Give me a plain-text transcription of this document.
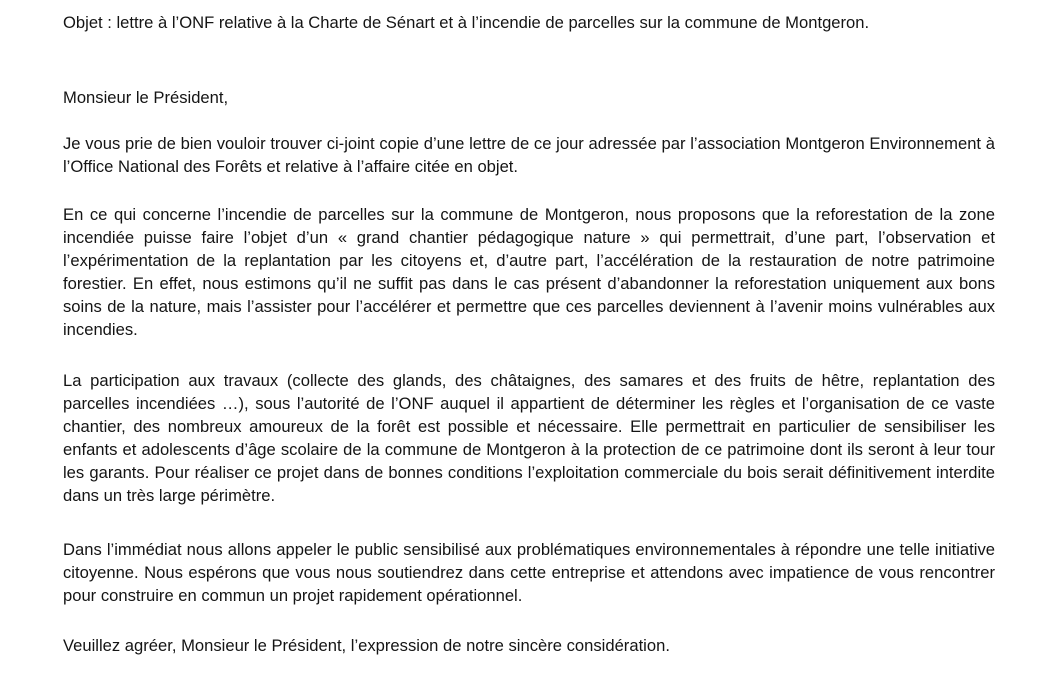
Objet : lettre à l’ONF relative à la Charte de Sénart et à l’incendie de parcelles sur la commune de Montgeron.

Monsieur le Président,

Je vous prie de bien vouloir trouver ci-joint copie d’une lettre de ce jour adressée par l’association Montgeron Environnement à l’Office National des Forêts et relative à l’affaire citée en objet.

En ce qui concerne l’incendie de parcelles sur la commune de Montgeron, nous proposons que la reforestation de la zone incendiée puisse faire l’objet d’un « grand chantier pédagogique nature » qui permettrait, d’une part, l’observation et l’expérimentation de la replantation par les citoyens et, d’autre part, l’accélération de la restauration de notre patrimoine forestier. En effet, nous estimons qu’il ne suffit pas dans le cas présent d’abandonner la reforestation uniquement aux bons soins de la nature, mais l’assister pour l’accélérer et permettre que ces parcelles deviennent à l’avenir moins vulnérables aux incendies.

La participation aux travaux (collecte des glands, des châtaignes, des samares et des fruits de hêtre, replantation des parcelles incendiées …), sous l’autorité de l’ONF auquel il appartient de déterminer les règles et l’organisation de ce vaste chantier, des nombreux amoureux de la forêt est possible et nécessaire. Elle permettrait en particulier de sensibiliser les enfants et adolescents d’âge scolaire de la commune de Montgeron à la protection de ce patrimoine dont ils seront à leur tour les garants. Pour réaliser ce projet dans de bonnes conditions l’exploitation commerciale du bois serait définitivement interdite dans un très large périmètre.

Dans l’immédiat nous allons appeler le public sensibilisé aux problématiques environnementales à répondre une telle initiative citoyenne. Nous espérons que vous nous soutiendrez dans cette entreprise et attendons avec impatience de vous rencontrer pour construire en commun un projet rapidement opérationnel.

Veuillez agréer, Monsieur le Président, l’expression de notre sincère considération.
